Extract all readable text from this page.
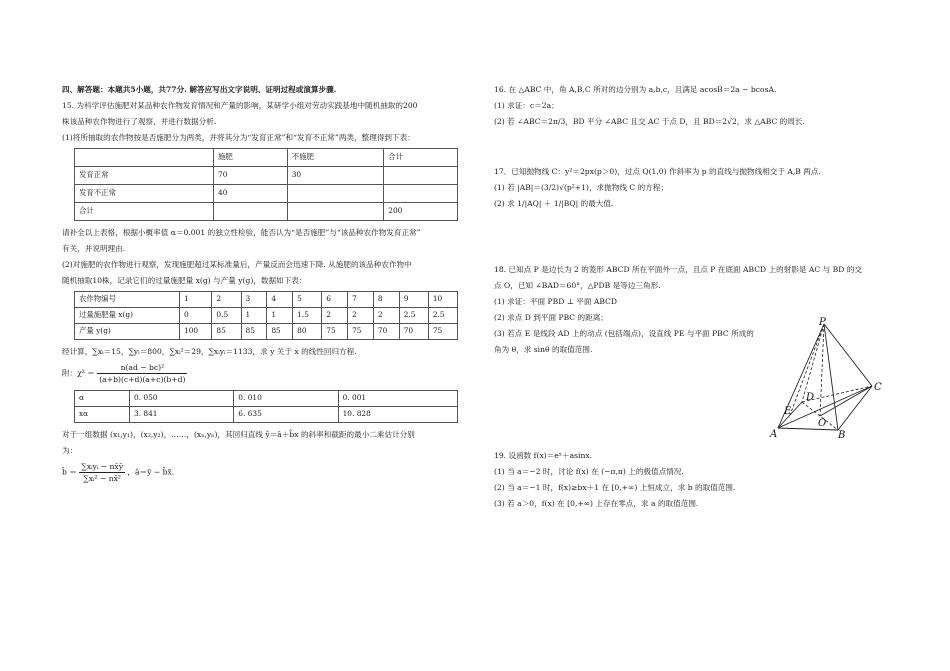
四、解答题：本题共5小题，共77分. 解答应写出文字说明、证明过程或演算步骤.

15. 为科学评估施肥对某品种农作物发育情况和产量的影响，某研学小组对劳动实践基地中随机抽取的200

株该品种农作物进行了观察，并进行数据分析.

(1)将所抽取的农作物按是否施肥分为两类，并将其分为“发育正常”和“发育不正常”两类，整理得到下表：

	施肥	不施肥	合计
发育正常	70	30	
发育不正常	40		
合计			200

请补全以上表格，根据小概率值 α＝0.001 的独立性检验，能否认为“是否施肥”与“该品种农作物发育正常”

有关，并说明理由.

(2)对施肥的农作物进行观察，发现施肥超过某标准量后，产量反而会迅速下降. 从施肥的该品种农作物中

随机抽取10株，记录它们的过量施肥量 x(g) 与产量 y(g)，数据如下表：

农作物编号	1	2	3	4	5	6	7	8	9	10
过量施肥量 x(g)	0	0.5	1	1	1.5	2	2	2	2.5	2.5
产量 y(g)	100	85	85	85	80	75	75	70	70	75

经计算，∑xᵢ＝15，∑yᵢ＝800，∑xᵢ²＝29，∑xᵢyᵢ＝1133，求 y 关于 x 的线性回归方程.

附：$\chi^2 = \frac{\text{n(ad − bc)²}}{(a+b)(c+d)(a+c)(b+d)}$

α	0. 050	0. 010	0. 001
xα	3. 841	6. 635	10. 828

对于一组数据 (x₁,y₁)，(x₂,y₂)，……，(xₙ,yₙ)，其回归直线 ŷ＝â＋b̂x 的斜率和截距的最小二乘估计分别

为：

b̂ ＝ $\frac{\text{∑xᵢyᵢ − nx̄ȳ}}{\text{∑xᵢ² − nx̄²}}$ ，â＝ȳ − b̂x̄.

16. 在 △ABC 中，角 A,B,C 所对的边分别为 a,b,c，且满足 acosB＝2a − bcosA.

(1) 求证：c＝2a；

(2) 若 ∠ABC＝2π/3，BD 平分 ∠ABC 且交 AC 于点 D，且 BD＝2√2，求 △ABC 的周长.

17．已知抛物线 C：y²＝2px(p＞0)，过点 Q(1,0) 作斜率为 p 的直线与抛物线相交于 A,B 两点.

(1) 若 |AB|＝(3/2)√(p²+1)，求抛物线 C 的方程；

(2) 求 1/|AQ| ＋ 1/|BQ| 的最大值.

18. 已知点 P 是边长为 2 的菱形 ABCD 所在平面外一点，且点 P 在底面 ABCD 上的射影是 AC 与 BD 的交

点 O，已知 ∠BAD＝60°，△PDB 是等边三角形.

(1) 求证：平面 PBD ⊥ 平面 ABCD

(2) 求点 D 到平面 PBC 的距离；

(3) 若点 E 是线段 AD 上的动点 (包括端点)，设直线 PE 与平面 PBC 所成的

角为 θ，求 sinθ 的取值范围.

P
D
C
E
O
A	B

19. 设函数 f(x)＝eˣ＋asinx.

(1) 当 a＝−2 时，讨论 f(x) 在 (−π,π) 上的极值点情况.

(2) 当 a＝−1 时，f(x)≥bx＋1 在 [0,+∞) 上恒成立，求 b 的取值范围.

(3) 若 a＞0，f(x) 在 [0,+∞) 上存在零点，求 a 的取值范围.
